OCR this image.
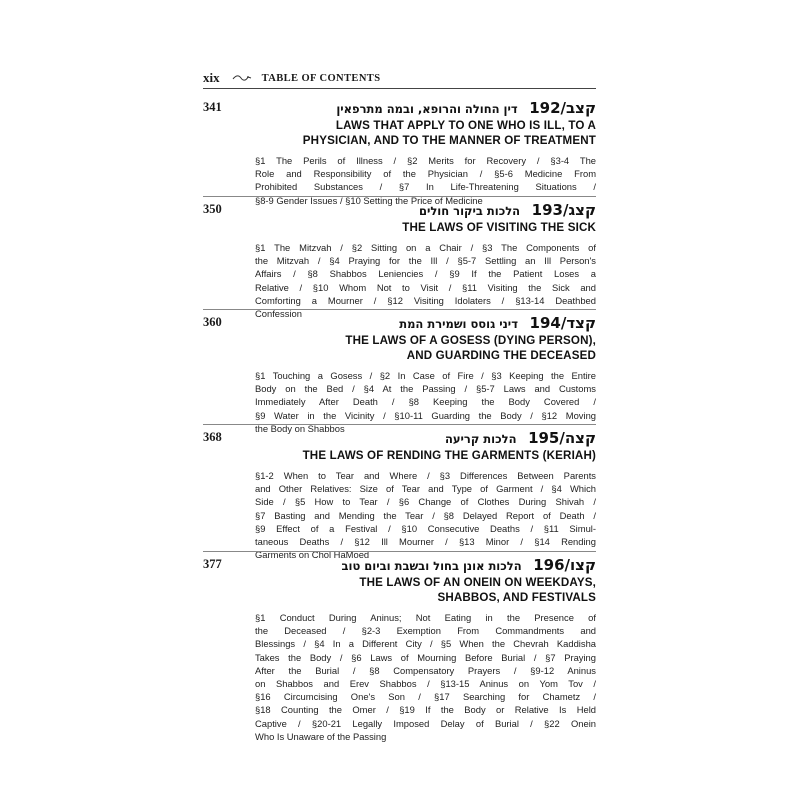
xix	TABLE OF CONTENTS
341	קצב/192 דין החולה והרופא, ובמה מתרפאין
LAWS THAT APPLY TO ONE WHO IS ILL, TO A
PHYSICIAN, AND TO THE MANNER OF TREATMENT
§1 The Perils of Illness / §2 Merits for Recovery / §3-4 The
Role and Responsibility of the Physician / §5-6 Medicine From
Prohibited Substances / §7 In Life-Threatening Situations /
§8-9 Gender Issues / §10 Setting the Price of Medicine
350	קצג/193 הלכות ביקור חולים
THE LAWS OF VISITING THE SICK
§1 The Mitzvah / §2 Sitting on a Chair / §3 The Components of
the Mitzvah / §4 Praying for the Ill / §5-7 Settling an Ill Person's
Affairs / §8 Shabbos Leniencies / §9 If the Patient Loses a
Relative / §10 Whom Not to Visit / §11 Visiting the Sick and
Comforting a Mourner / §12 Visiting Idolaters / §13-14 Deathbed
Confession
360	קצד/194 דיני גוסס ושמירת המת
THE LAWS OF A GOSESS (DYING PERSON),
AND GUARDING THE DECEASED
§1 Touching a Gosess / §2 In Case of Fire / §3 Keeping the Entire
Body on the Bed / §4 At the Passing / §5-7 Laws and Customs
Immediately After Death / §8 Keeping the Body Covered /
§9 Water in the Vicinity / §10-11 Guarding the Body / §12 Moving
the Body on Shabbos
368	קצה/195 הלכות קריעה
THE LAWS OF RENDING THE GARMENTS (KERIAH)
§1-2 When to Tear and Where / §3 Differences Between Parents
and Other Relatives: Size of Tear and Type of Garment / §4 Which
Side / §5 How to Tear / §6 Change of Clothes During Shivah /
§7 Basting and Mending the Tear / §8 Delayed Report of Death /
§9 Effect of a Festival / §10 Consecutive Deaths / §11 Simul-
taneous Deaths / §12 Ill Mourner / §13 Minor / §14 Rending
Garments on Chol HaMoed
377	קצו/196 הלכות אונן בחול ובשבת וביום טוב
THE LAWS OF AN ONEIN ON WEEKDAYS,
SHABBOS, AND FESTIVALS
§1 Conduct During Aninus; Not Eating in the Presence of
the Deceased / §2-3 Exemption From Commandments and
Blessings / §4 In a Different City / §5 When the Chevrah Kaddisha
Takes the Body / §6 Laws of Mourning Before Burial / §7 Praying
After the Burial / §8 Compensatory Prayers / §9-12 Aninus
on Shabbos and Erev Shabbos / §13-15 Aninus on Yom Tov /
§16 Circumcising One's Son / §17 Searching for Chametz /
§18 Counting the Omer / §19 If the Body or Relative Is Held
Captive / §20-21 Legally Imposed Delay of Burial / §22 Onein
Who Is Unaware of the Passing
